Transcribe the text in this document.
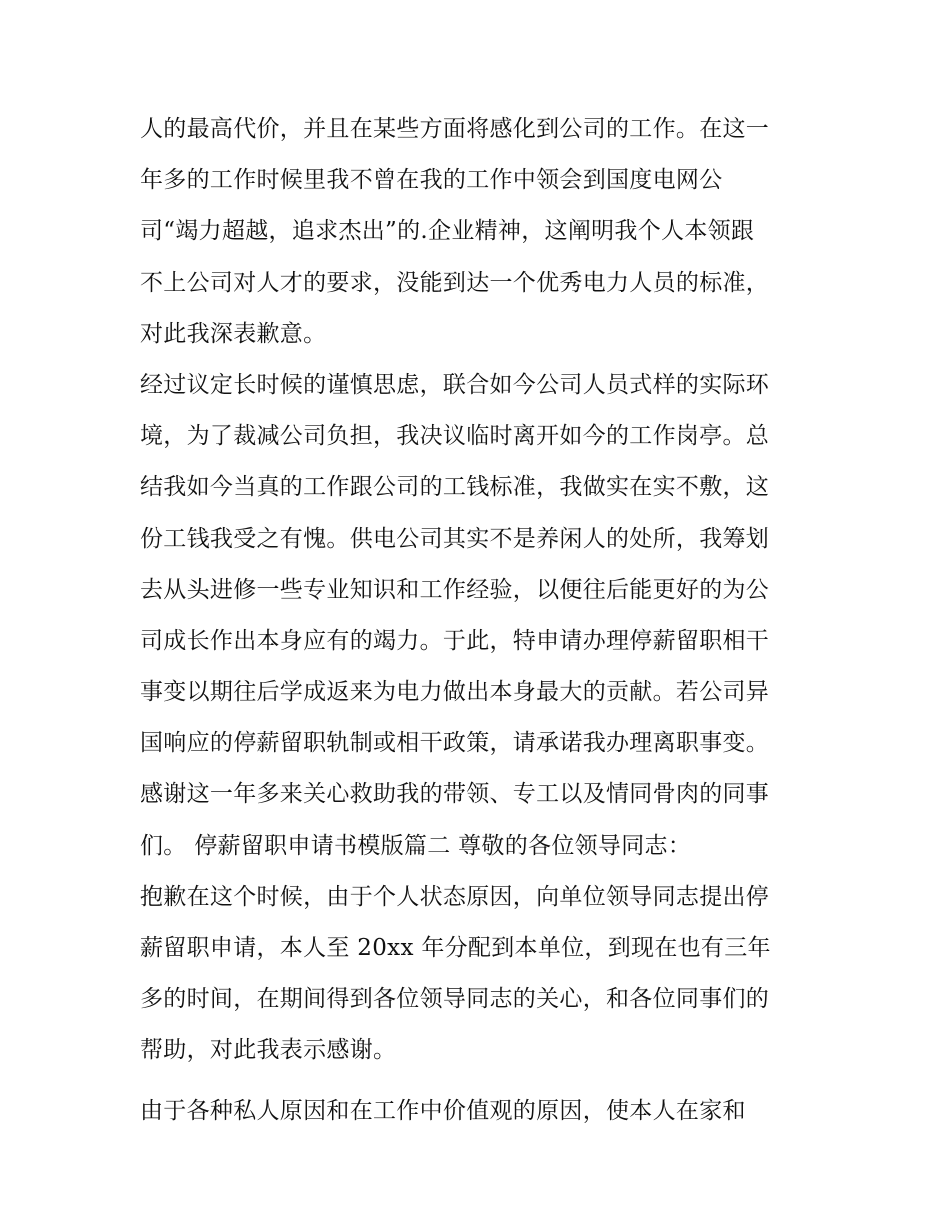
人的最高代价，并且在某些方面将感化到公司的工作。在这一
年多的工作时候里我不曾在我的工作中领会到国度电网公
司“竭力超越，追求杰出”的.企业精神，这阐明我个人本领跟
不上公司对人才的要求，没能到达一个优秀电力人员的标准，
对此我深表歉意。
经过议定长时候的谨慎思虑，联合如今公司人员式样的实际环
境，为了裁减公司负担，我决议临时离开如今的工作岗亭。总
结我如今当真的工作跟公司的工钱标准，我做实在实不敷，这
份工钱我受之有愧。供电公司其实不是养闲人的处所，我筹划
去从头进修一些专业知识和工作经验，以便往后能更好的为公
司成长作出本身应有的竭力。于此，特申请办理停薪留职相干
事变以期往后学成返来为电力做出本身最大的贡献。若公司异
国响应的停薪留职轨制或相干政策，请承诺我办理离职事变。
感谢这一年多来关心救助我的带领、专工以及情同骨肉的同事
们。 停薪留职申请书模版篇二 尊敬的各位领导同志：
抱歉在这个时候，由于个人状态原因，向单位领导同志提出停
薪留职申请，本人至 20xx 年分配到本单位，到现在也有三年
多的时间，在期间得到各位领导同志的关心，和各位同事们的
帮助，对此我表示感谢。
由于各种私人原因和在工作中价值观的原因，使本人在家和
